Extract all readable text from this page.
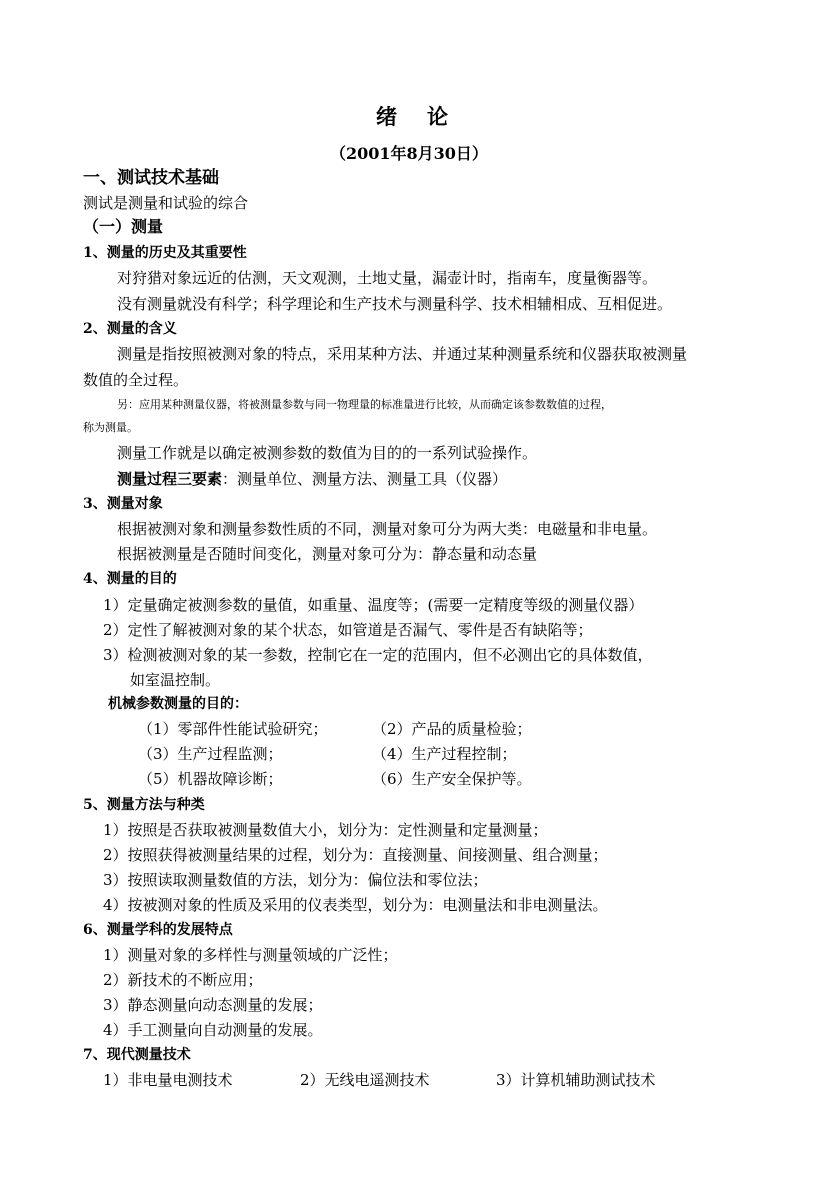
绪论
（2001年8月30日）
一、测试技术基础
测试是测量和试验的综合
（一）测量
1、测量的历史及其重要性
对狩猎对象远近的估测，天文观测，土地丈量，漏壶计时，指南车，度量衡器等。
没有测量就没有科学；科学理论和生产技术与测量科学、技术相辅相成、互相促进。
2、测量的含义
测量是指按照被测对象的特点，采用某种方法、并通过某种测量系统和仪器获取被测量
数值的全过程。
另：应用某种测量仪器，将被测量参数与同一物理量的标准量进行比较，从而确定该参数数值的过程，
称为测量。
测量工作就是以确定被测参数的数值为目的的一系列试验操作。
测量过程三要素：测量单位、测量方法、测量工具（仪器）
3、测量对象
根据被测对象和测量参数性质的不同，测量对象可分为两大类：电磁量和非电量。
根据被测量是否随时间变化，测量对象可分为：静态量和动态量
4、测量的目的
1）定量确定被测参数的量值，如重量、温度等；(需要一定精度等级的测量仪器）
2）定性了解被测对象的某个状态，如管道是否漏气、零件是否有缺陷等；
3）检测被测对象的某一参数，控制它在一定的范围内，但不必测出它的具体数值，
如室温控制。
机械参数测量的目的：
（1）零部件性能试验研究；	（2）产品的质量检验；
（3）生产过程监测；	（4）生产过程控制；
（5）机器故障诊断；	（6）生产安全保护等。
5、测量方法与种类
1）按照是否获取被测量数值大小，划分为：定性测量和定量测量；
2）按照获得被测量结果的过程，划分为：直接测量、间接测量、组合测量；
3）按照读取测量数值的方法，划分为：偏位法和零位法；
4）按被测对象的性质及采用的仪表类型，划分为：电测量法和非电测量法。
6、测量学科的发展特点
1）测量对象的多样性与测量领域的广泛性；
2）新技术的不断应用；
3）静态测量向动态测量的发展；
4）手工测量向自动测量的发展。
7、现代测量技术
1）非电量电测技术	2）无线电遥测技术	3）计算机辅助测试技术
